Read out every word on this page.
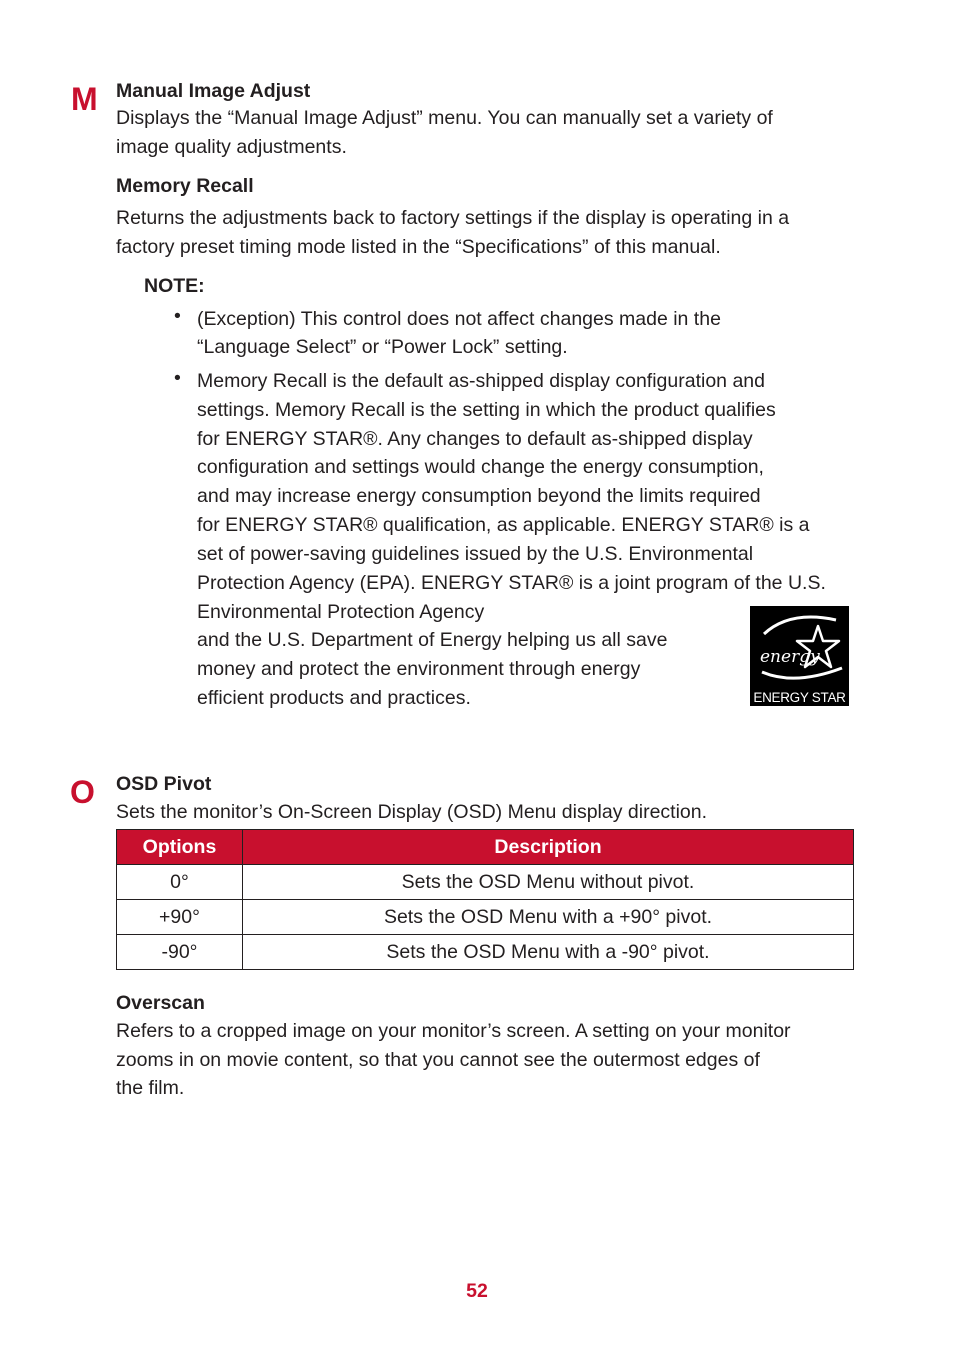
M Manual Image Adjust
Displays the “Manual Image Adjust” menu. You can manually set a variety of
image quality adjustments.
Memory Recall
Returns the adjustments back to factory settings if the display is operating in a
factory preset timing mode listed in the “Specifications” of this manual.
NOTE:
• (Exception) This control does not affect changes made in the
“Language Select” or “Power Lock” setting.
• Memory Recall is the default as-shipped display configuration and
settings. Memory Recall is the setting in which the product qualifies
for ENERGY STAR®. Any changes to default as-shipped display
configuration and settings would change the energy consumption,
and may increase energy consumption beyond the limits required
for ENERGY STAR® qualification, as applicable. ENERGY STAR® is a
set of power-saving guidelines issued by the U.S. Environmental
Protection Agency (EPA). ENERGY STAR® is a joint program of the U.S.
Environmental Protection Agency
and the U.S. Department of Energy helping us all save
money and protect the environment through energy
efficient products and practices.
energy
ENERGY STAR
O OSD Pivot
Sets the monitor’s On-Screen Display (OSD) Menu display direction.
Options	Description
0°	Sets the OSD Menu without pivot.
+90°	Sets the OSD Menu with a +90° pivot.
-90°	Sets the OSD Menu with a -90° pivot.
Overscan
Refers to a cropped image on your monitor’s screen. A setting on your monitor
zooms in on movie content, so that you cannot see the outermost edges of
the film.
52
